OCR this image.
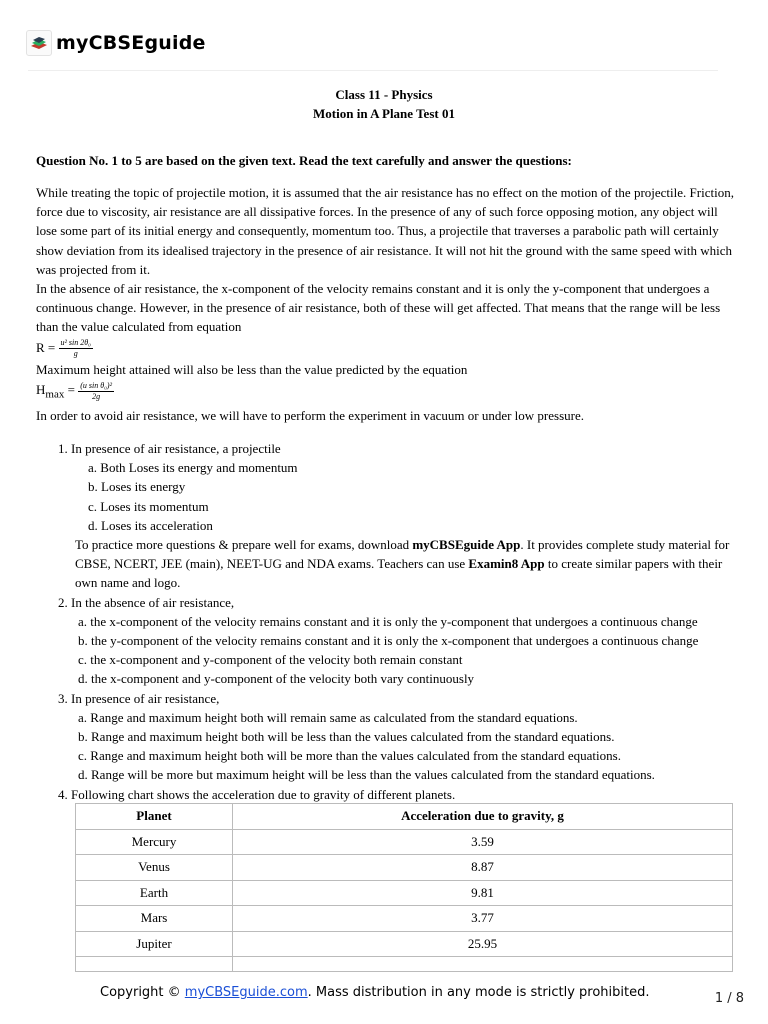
myCBSEguide
Class 11 - Physics
Motion in A Plane Test 01
Question No. 1 to 5 are based on the given text. Read the text carefully and answer the questions:

While treating the topic of projectile motion, it is assumed that the air resistance has no effect on the motion of the projectile. Friction, force due to viscosity, air resistance are all dissipative forces. In the presence of any of such force opposing motion, any object will lose some part of its initial energy and consequently, momentum too. Thus, a projectile that traverses a parabolic path will certainly show deviation from its idealised trajectory in the presence of air resistance. It will not hit the ground with the same speed with which was projected from it.

In the absence of air resistance, the x-component of the velocity remains constant and it is only the y-component that undergoes a continuous change. However, in the presence of air resistance, both of these will get affected. That means that the range will be less than the value calculated from equation

$R = \frac{\text{u² sin 2θ₀}}{g}$

Maximum height attained will also be less than the value predicted by the equation

$H_{max} = \frac{\text{(u sin θ₀)²}}{2g}$

In order to avoid air resistance, we will have to perform the experiment in vacuum or under low pressure.

1. In presence of air resistance, a projectile

a. Both Loses its energy and momentum

b. Loses its energy

c. Loses its momentum

d. Loses its acceleration

To practice more questions & prepare well for exams, download myCBSEguide App. It provides complete study material for CBSE, NCERT, JEE (main), NEET-UG and NDA exams. Teachers can use Examin8 App to create similar papers with their own name and logo.

2. In the absence of air resistance,

a. the x-component of the velocity remains constant and it is only the y-component that undergoes a continuous change

b. the y-component of the velocity remains constant and it is only the x-component that undergoes a continuous change

c. the x-component and y-component of the velocity both remain constant

d. the x-component and y-component of the velocity both vary continuously

3. In presence of air resistance,

a. Range and maximum height both will remain same as calculated from the standard equations.

b. Range and maximum height both will be less than the values calculated from the standard equations.

c. Range and maximum height both will be more than the values calculated from the standard equations.

d. Range will be more but maximum height will be less than the values calculated from the standard equations.

4. Following chart shows the acceleration due to gravity of different planets.

Planet	Acceleration due to gravity, g
Mercury	3.59
Venus	8.87
Earth	9.81
Mars	3.77
Jupiter	25.95

Copyright © myCBSEguide.com. Mass distribution in any mode is strictly prohibited.	1 / 8
